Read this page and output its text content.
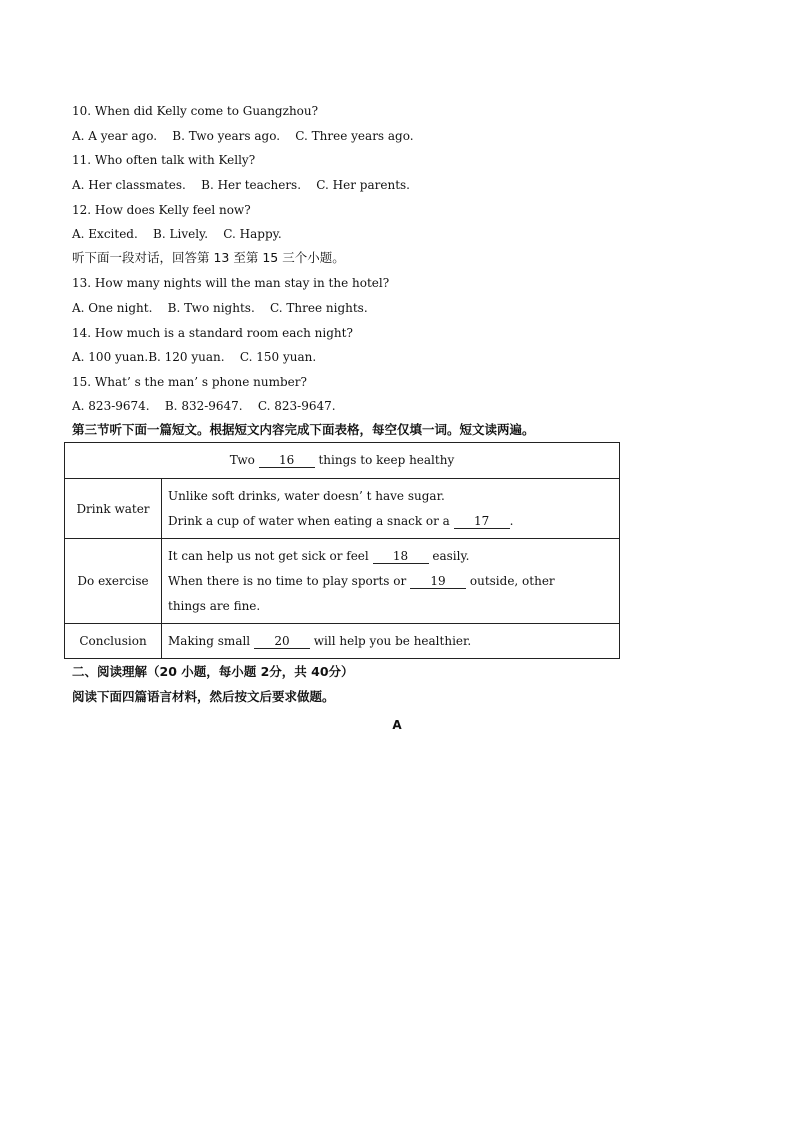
10. When did Kelly come to Guangzhou?
A. A year ago.    B. Two years ago.    C. Three years ago.
11. Who often talk with Kelly?
A. Her classmates.    B. Her teachers.    C. Her parents.
12. How does Kelly feel now?
A. Excited.    B. Lively.    C. Happy.
听下面一段对话，回答第 13 至第 15 三个小题。
13. How many nights will the man stay in the hotel?
A. One night.    B. Two nights.    C. Three nights.
14. How much is a standard room each night?
A. 100 yuan.B. 120 yuan.    C. 150 yuan.
15. What’ s the man’ s phone number?
A. 823-9674.    B. 832-9647.    C. 823-9647.
第三节听下面一篇短文。根据短文内容完成下面表格，每空仅填一词。短文读两遍。
Two 16 things to keep healthy	
Drink water	Unlike soft drinks, water doesn’ t have sugar.
Drink a cup of water when eating a snack or a 17 .

Do exercise	It can help us not get sick or feel 18 easily.
When there is no time to play sports or 19 outside, other
things are fine.

Conclusion	Making small 20 will help you be healthier.
二、阅读理解（20 小题，每小题 2分，共 40分）
阅读下面四篇语言材料，然后按文后要求做题。
A
